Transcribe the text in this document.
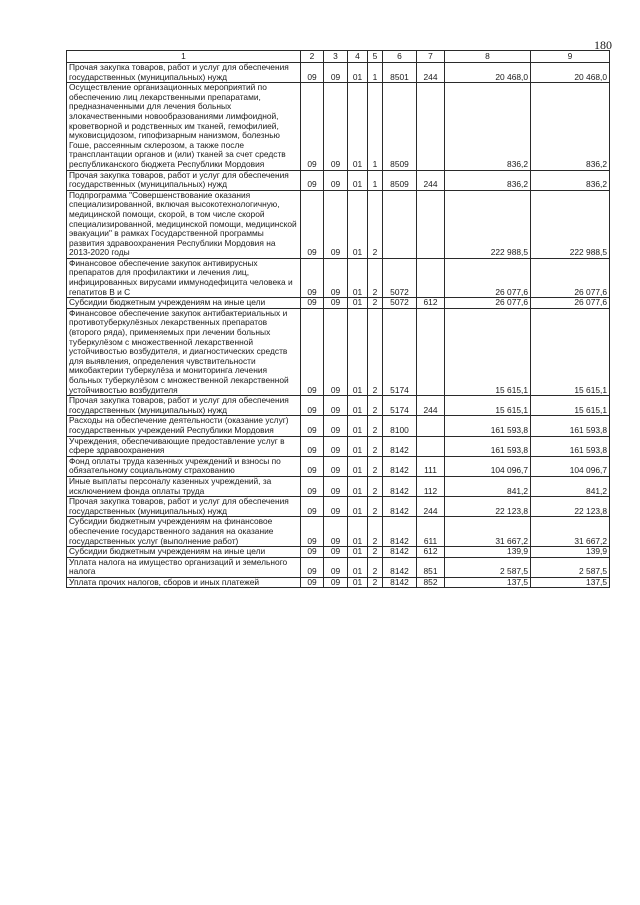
180
1	2	3	4	5	6	7	8	9
Прочая закупка товаров, работ и услуг для обеспечения государственных (муниципальных) нужд	09	09	01	1	8501	244	20 468,0	20 468,0
Осуществление организационных мероприятий по обеспечению лиц лекарственными препаратами, предназначенными для лечения больных злокачественными новообразованиями лимфоидной, кроветворной и родственных им тканей, гемофилией, муковисцидозом, гипофизарным нанизмом, болезнью Гоше, рассеянным склерозом, а также после трансплантации органов и (или) тканей за счет средств республиканского бюджета Республики Мордовия	09	09	01	1	8509		836,2	836,2
Прочая закупка товаров, работ и услуг для обеспечения государственных (муниципальных) нужд	09	09	01	1	8509	244	836,2	836,2
Подпрограмма "Совершенствование оказания специализированной, включая высокотехнологичную, медицинской помощи, скорой, в том числе скорой специализированной, медицинской помощи, медицинской эвакуации" в рамках Государственной программы развития здравоохранения Республики Мордовия на 2013-2020 годы	09	09	01	2			222 988,5	222 988,5
Финансовое обеспечение закупок антивирусных препаратов для профилактики и лечения лиц, инфицированных вирусами иммунодефицита человека и гепатитов В и С	09	09	01	2	5072		26 077,6	26 077,6
Субсидии бюджетным учреждениям на иные цели	09	09	01	2	5072	612	26 077,6	26 077,6
Финансовое обеспечение закупок антибактериальных и противотуберкулёзных лекарственных препаратов (второго ряда), применяемых при лечении больных туберкулёзом с множественной лекарственной устойчивостью возбудителя, и диагностических средств для выявления, определения чувствительности микобактерии туберкулёза и мониторинга лечения больных туберкулёзом с множественной лекарственной устойчивостью возбудителя	09	09	01	2	5174		15 615,1	15 615,1
Прочая закупка товаров, работ и услуг для обеспечения государственных (муниципальных) нужд	09	09	01	2	5174	244	15 615,1	15 615,1
Расходы на обеспечение деятельности (оказание услуг) государственных учреждений Республики Мордовия	09	09	01	2	8100		161 593,8	161 593,8
Учреждения, обеспечивающие предоставление услуг в сфере здравоохранения	09	09	01	2	8142		161 593,8	161 593,8
Фонд оплаты труда казенных учреждений и взносы по обязательному социальному страхованию	09	09	01	2	8142	111	104 096,7	104 096,7
Иные выплаты персоналу казенных учреждений, за исключением фонда оплаты труда	09	09	01	2	8142	112	841,2	841,2
Прочая закупка товаров, работ и услуг для обеспечения государственных (муниципальных) нужд	09	09	01	2	8142	244	22 123,8	22 123,8
Субсидии бюджетным учреждениям на финансовое обеспечение государственного задания на оказание государственных услуг (выполнение работ)	09	09	01	2	8142	611	31 667,2	31 667,2
Субсидии бюджетным учреждениям на иные цели	09	09	01	2	8142	612	139,9	139,9
Уплата налога на имущество организаций и земельного налога	09	09	01	2	8142	851	2 587,5	2 587,5
Уплата прочих налогов, сборов и иных платежей	09	09	01	2	8142	852	137,5	137,5
